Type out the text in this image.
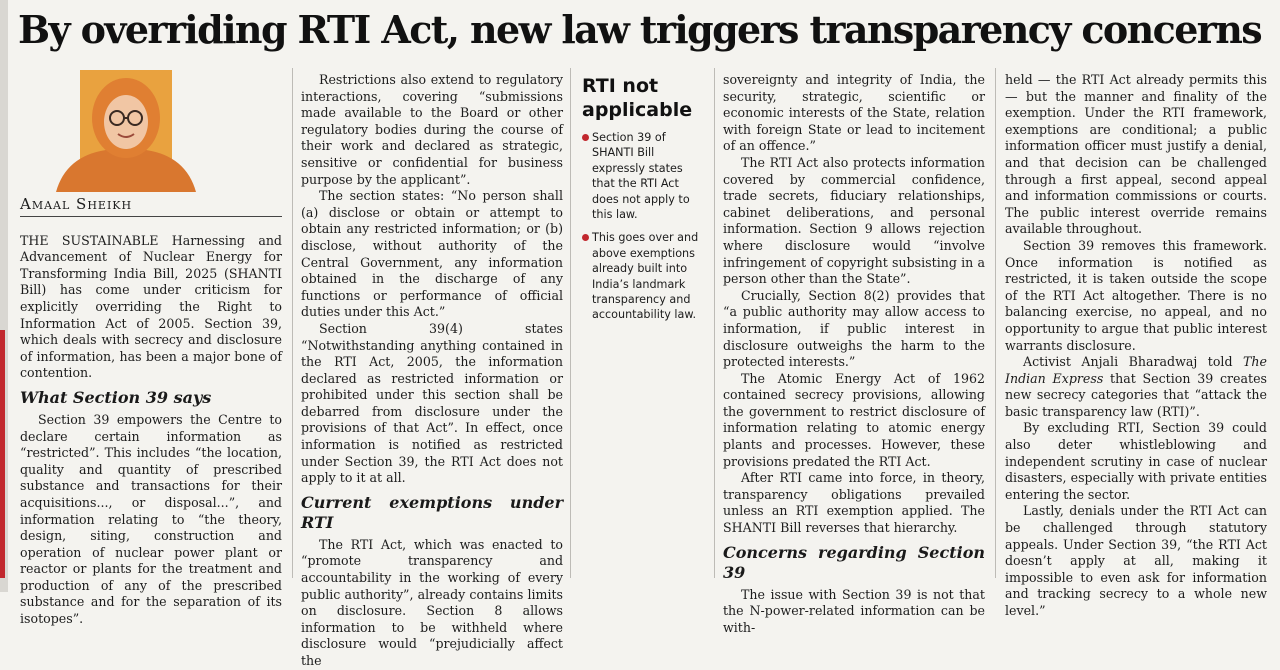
By overriding RTI Act, new law triggers transparency concerns
Amaal Sheikh

THE SUSTAINABLE Harnessing and Advancement of Nuclear Energy for Transforming India Bill, 2025 (SHANTI Bill) has come under criticism for explicitly overriding the Right to Information Act of 2005. Section 39, which deals with secrecy and disclosure of information, has been a major bone of contention.

What Section 39 says

Section 39 empowers the Centre to declare certain information as “restricted”. This includes “the location, quality and quantity of prescribed substance and transactions for their acquisitions..., or disposal...”, and information relating to “the theory, design, siting, construction and operation of nuclear power plant or reactor or plants for the treatment and production of any of the prescribed substance and for the separation of its isotopes”.

Restrictions also extend to regulatory interactions, covering “submissions made available to the Board or other regulatory bodies during the course of their work and declared as strategic, sensitive or confidential for business purpose by the applicant”.

The section states: “No person shall (a) disclose or obtain or attempt to obtain any restricted information; or (b) disclose, without authority of the Central Government, any information obtained in the discharge of any functions or performance of official duties under this Act.”

Section 39(4) states “Notwithstanding anything contained in the RTI Act, 2005, the information declared as restricted information or prohibited under this section shall be debarred from disclosure under the provisions of that Act”. In effect, once information is notified as restricted under Section 39, the RTI Act does not apply to it at all.

Current exemptions under RTI

The RTI Act, which was enacted to “promote transparency and accountability in the working of every public authority”, already contains limits on disclosure. Section 8 allows information to be withheld where disclosure would “prejudicially affect the

RTI not applicable
Section 39 of SHANTI Bill expressly states that the RTI Act does not apply to this law.
This goes over and above exemptions already built into India’s landmark transparency and accountability law.

sovereignty and integrity of India, the security, strategic, scientific or economic interests of the State, relation with foreign State or lead to incitement of an offence.”

The RTI Act also protects information covered by commercial confidence, trade secrets, fiduciary relationships, cabinet deliberations, and personal information. Section 9 allows rejection where disclosure would “involve infringement of copyright subsisting in a person other than the State”.

Crucially, Section 8(2) provides that “a public authority may allow access to information, if public interest in disclosure outweighs the harm to the protected interests.”

The Atomic Energy Act of 1962 contained secrecy provisions, allowing the government to restrict disclosure of information relating to atomic energy plants and processes. However, these provisions predated the RTI Act.

After RTI came into force, in theory, transparency obligations prevailed unless an RTI exemption applied. The SHANTI Bill reverses that hierarchy.

Concerns regarding Section 39

The issue with Section 39 is not that the N-power-related information can be with-

held — the RTI Act already permits this — but the manner and finality of the exemption. Under the RTI framework, exemptions are conditional; a public information officer must justify a denial, and that decision can be challenged through a first appeal, second appeal and information commissions or courts. The public interest override remains available throughout.

Section 39 removes this framework. Once information is notified as restricted, it is taken outside the scope of the RTI Act altogether. There is no balancing exercise, no appeal, and no opportunity to argue that public interest warrants disclosure.

Activist Anjali Bharadwaj told The Indian Express that Section 39 creates new secrecy categories that “attack the basic transparency law (RTI)”.

By excluding RTI, Section 39 could also deter whistleblowing and independent scrutiny in case of nuclear disasters, especially with private entities entering the sector.

Lastly, denials under the RTI Act can be challenged through statutory appeals. Under Section 39, “the RTI Act doesn’t apply at all, making it impossible to even ask for information and tracking secrecy to a whole new level.”
